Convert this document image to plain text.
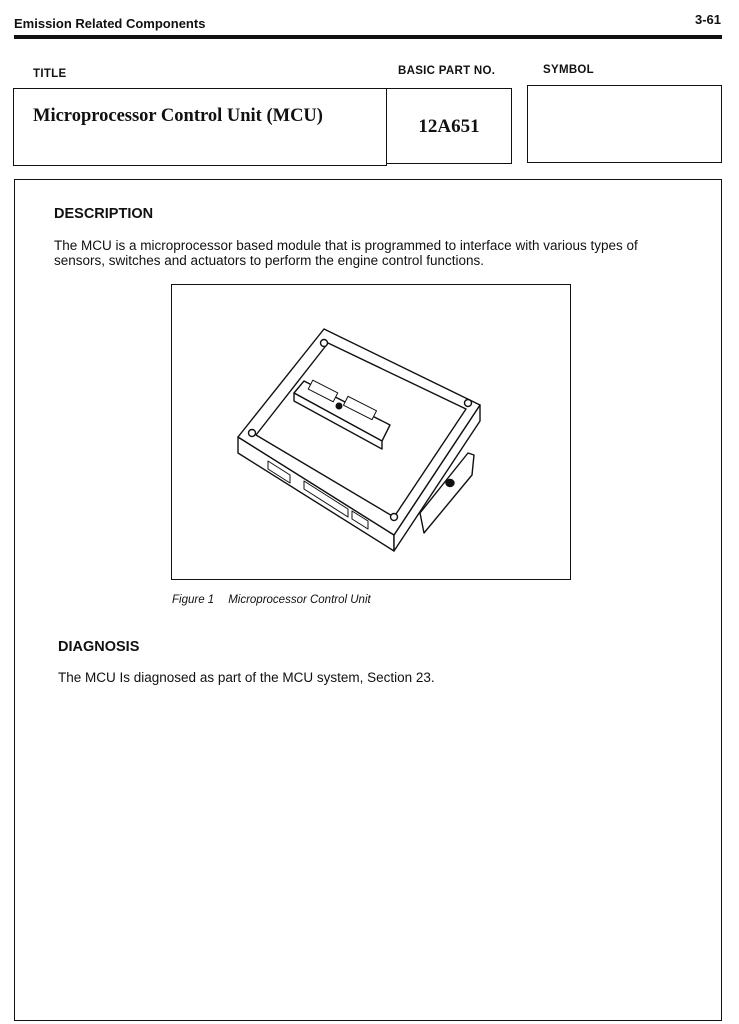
Emission Related Components	3-61
TITLE	BASIC PART NO.	SYMBOL
Microprocessor Control Unit (MCU)	12A651
DESCRIPTION
The MCU is a microprocessor based module that is programmed to interface with various types of sensors, switches and actuators to perform the engine control functions.
Figure 1 Microprocessor Control Unit
DIAGNOSIS
The MCU Is diagnosed as part of the MCU system, Section 23.
